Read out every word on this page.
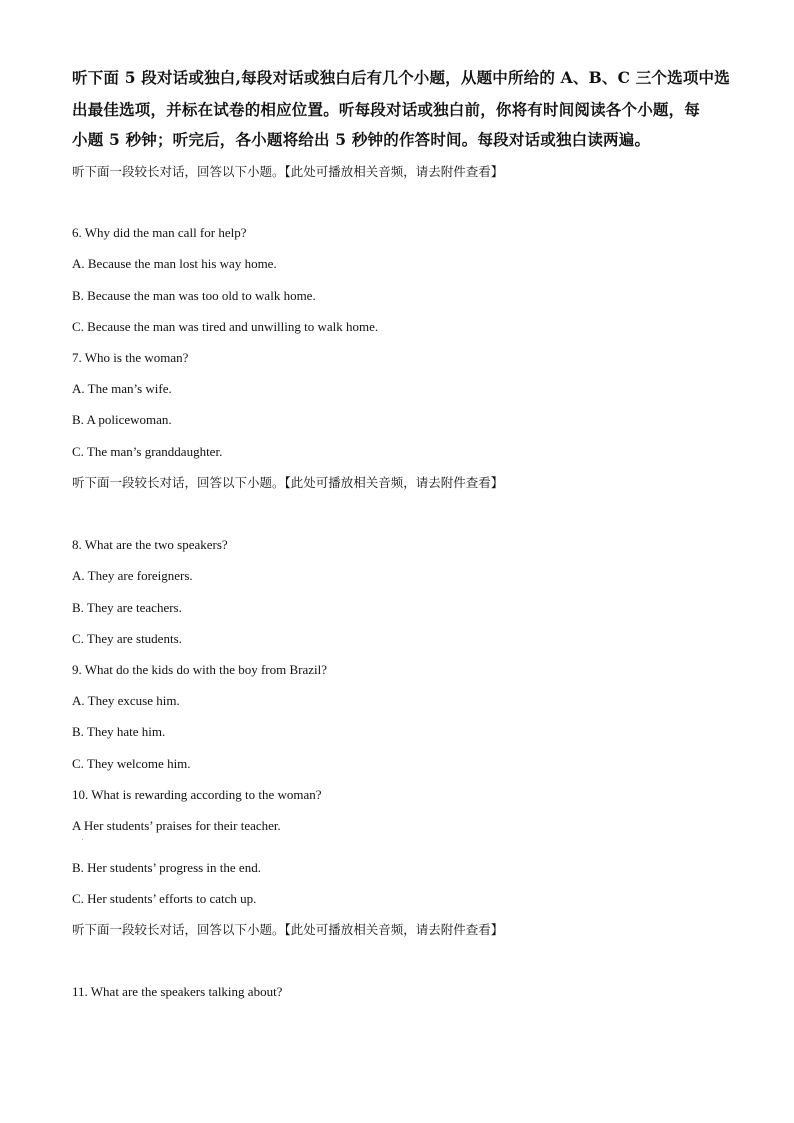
听下面 5 段对话或独白,每段对话或独白后有几个小题，从题中所给的 A、B、C 三个选项中选
出最佳选项，并标在试卷的相应位置。听每段对话或独白前，你将有时间阅读各个小题，每
小题 5 秒钟；听完后，各小题将给出 5 秒钟的作答时间。每段对话或独白读两遍。
听下面一段较长对话，回答以下小题。【此处可播放相关音频，请去附件查看】
6. Why did the man call for help?
A. Because the man lost his way home.
B. Because the man was too old to walk home.
C. Because the man was tired and unwilling to walk home.
7. Who is the woman?
A. The man’s wife.
B. A policewoman.
C. The man’s granddaughter.
听下面一段较长对话，回答以下小题。【此处可播放相关音频，请去附件查看】
8. What are the two speakers?
A. They are foreigners.
B. They are teachers.
C. They are students.
9. What do the kids do with the boy from Brazil?
A. They excuse him.
B. They hate him.
C. They welcome him.
10. What is rewarding according to the woman?
A Her students’ praises for their teacher.
.
B. Her students’ progress in the end.
C. Her students’ efforts to catch up.
听下面一段较长对话，回答以下小题。【此处可播放相关音频，请去附件查看】
11. What are the speakers talking about?
